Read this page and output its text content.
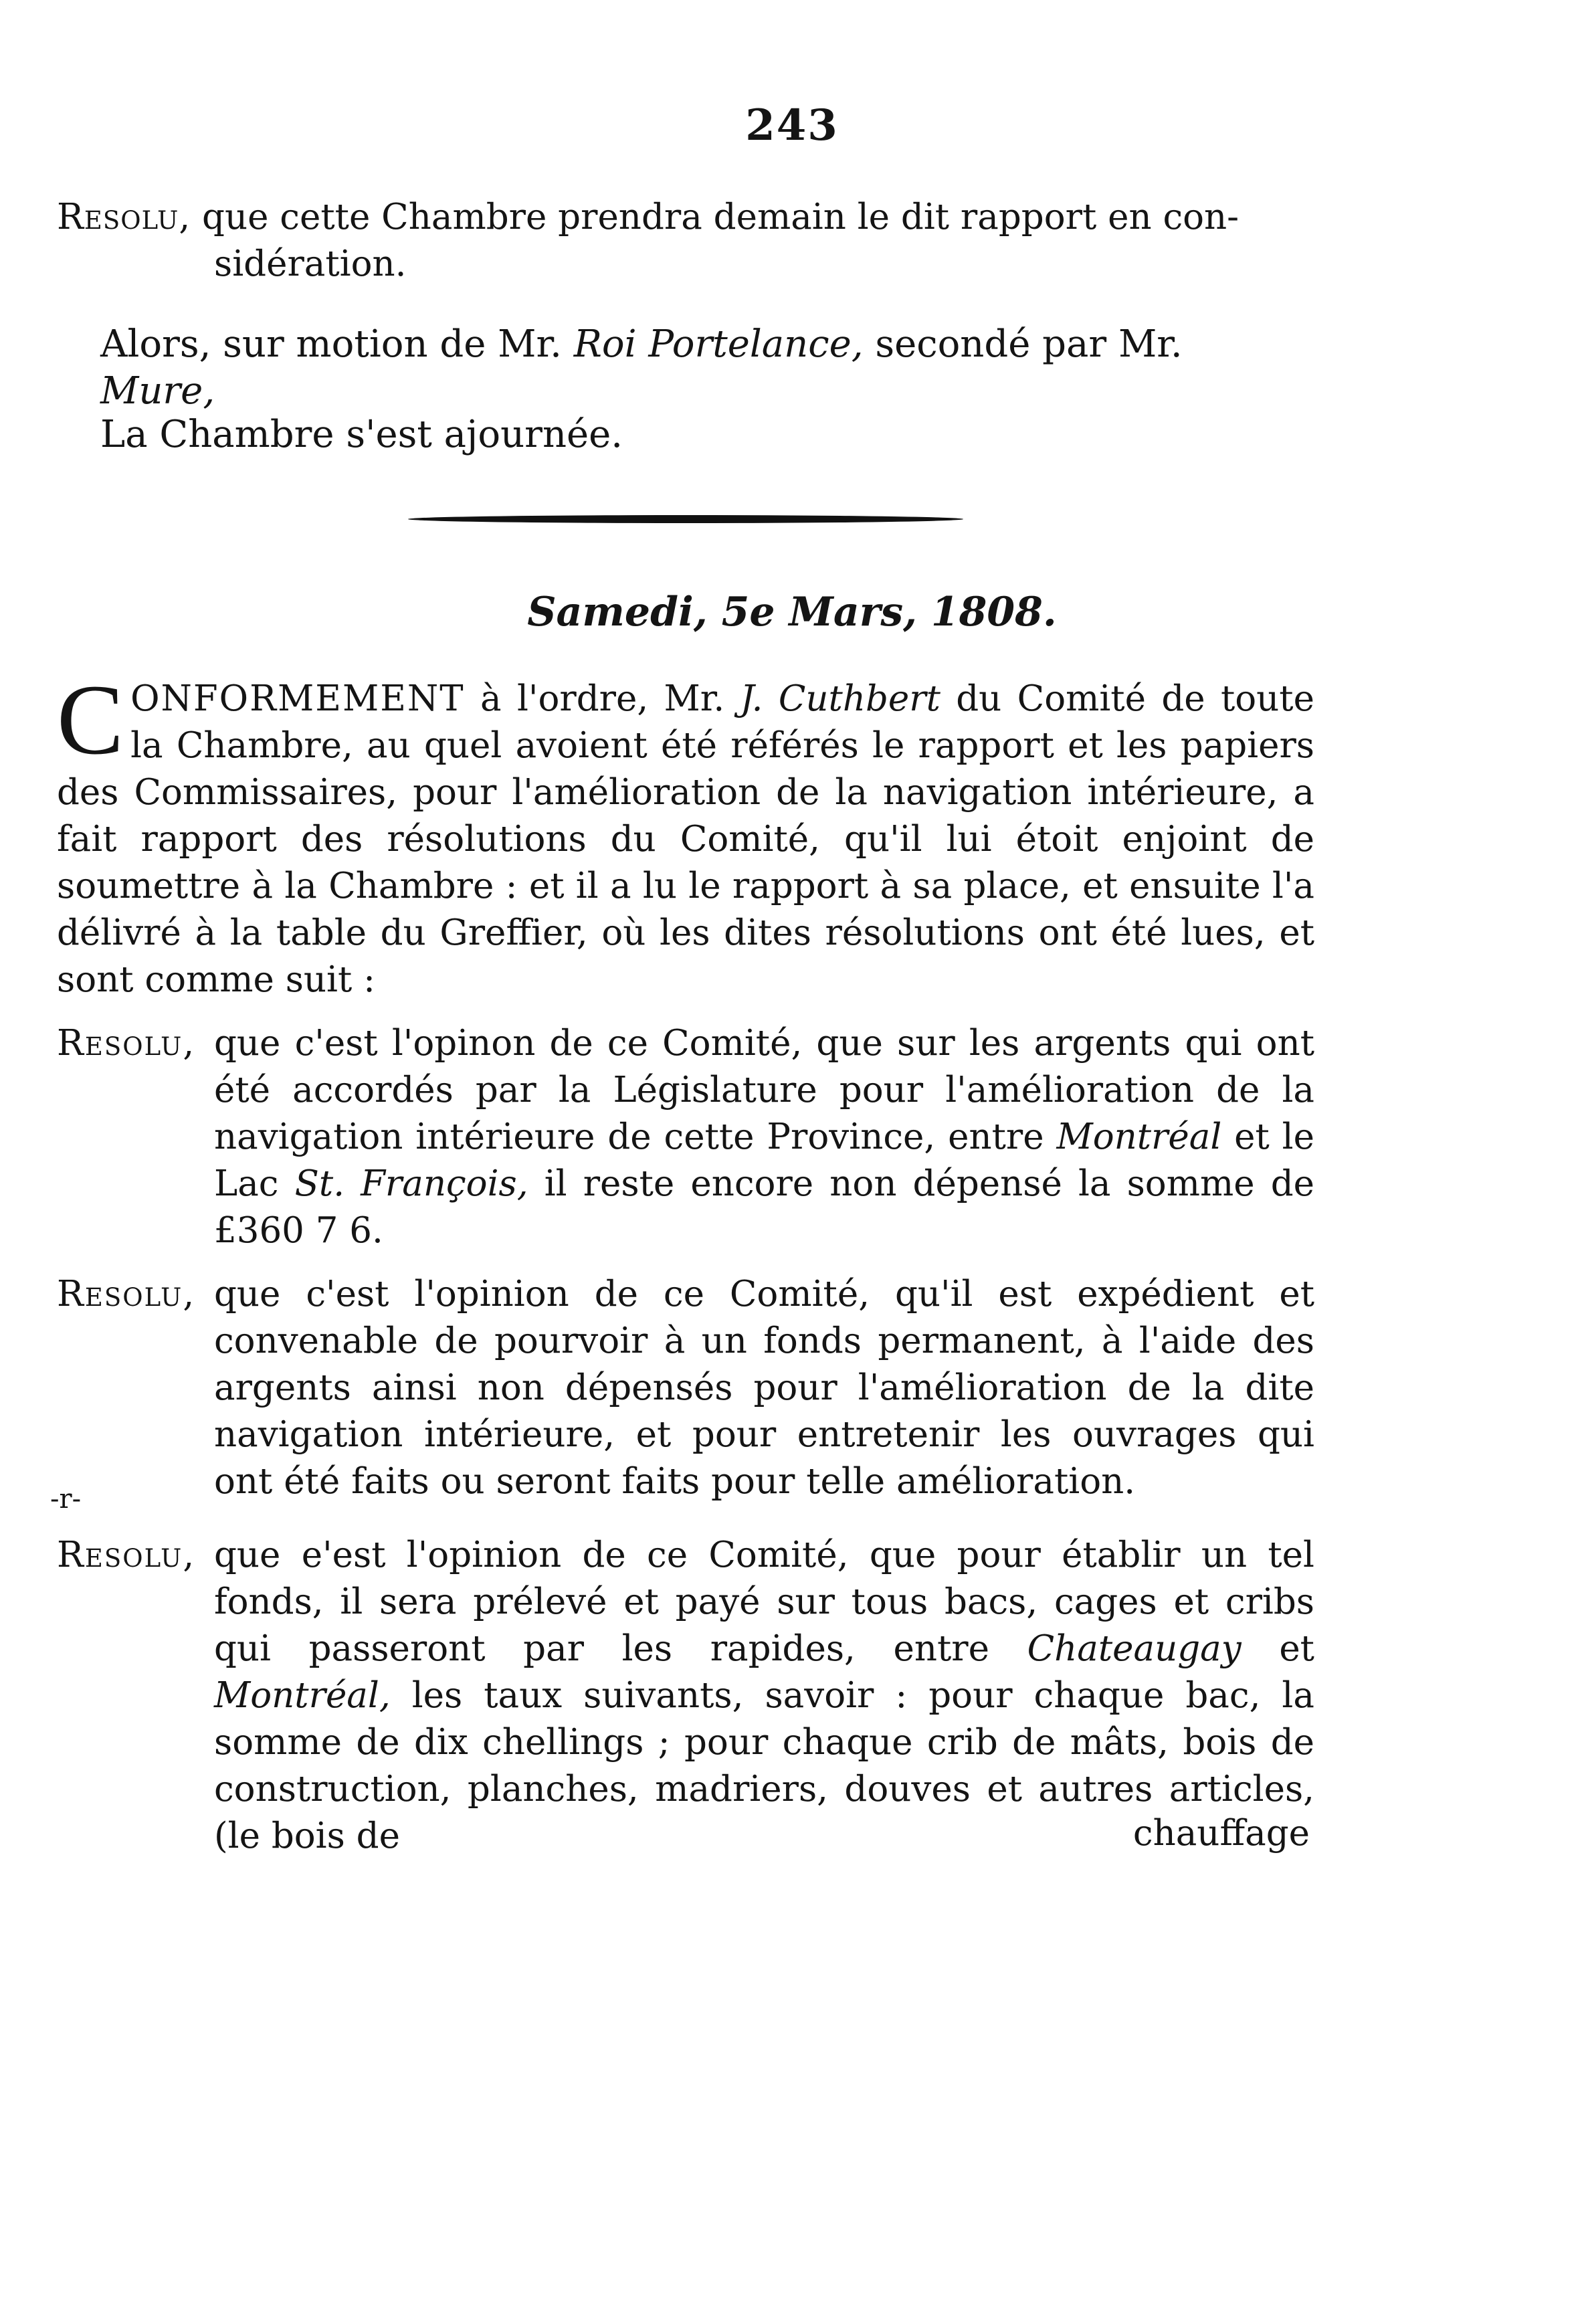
243
Resolu, que cette Chambre prendra demain le dit rapport en con-
sidération.
Alors, sur motion de Mr. Roi Portelance, secondé par Mr. Mure,
La Chambre s'est ajournée.
Samedi, 5e Mars, 1808.
CONFORMEMENT à l'ordre, Mr. J. Cuthbert du Comité de toute la Chambre, au quel avoient été référés le rapport et les papiers des Commissaires, pour l'amélioration de la navigation intérieure, a fait rapport des résolutions du Comité, qu'il lui étoit enjoint de soumettre à la Chambre : et il a lu le rapport à sa place, et ensuite l'a délivré à la table du Greffier, où les dites résolutions ont été lues, et sont comme suit :
Resolu, que c'est l'opinon de ce Comité, que sur les argents qui ont été accordés par la Législature pour l'amélioration de la navigation intérieure de cette Province, entre Montréal et le Lac St. François, il reste encore non dépensé la somme de £360 7 6.
Resolu, que c'est l'opinion de ce Comité, qu'il est expédient et convenable de pourvoir à un fonds permanent, à l'aide des argents ainsi non dépensés pour l'amélioration de la dite navigation intérieure, et pour entretenir les ouvrages qui ont été faits ou seront faits pour telle amélioration.
-r-
Resolu, que e'est l'opinion de ce Comité, que pour établir un tel fonds, il sera prélevé et payé sur tous bacs, cages et cribs qui passeront par les rapides, entre Chateaugay et Montréal, les taux suivants, savoir : pour chaque bac, la somme de dix chellings ; pour chaque crib de mâts, bois de construction, planches, madriers, douves et autres articles, (le bois de	chauffage
